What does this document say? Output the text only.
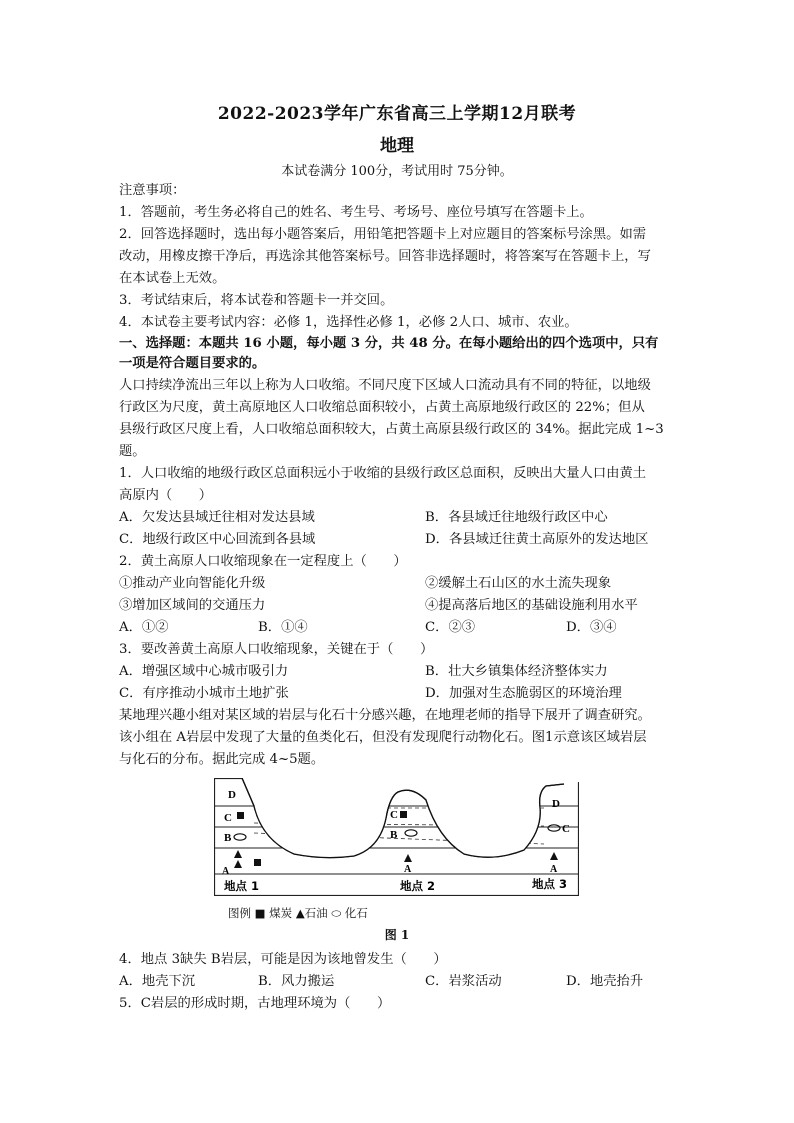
2022-2023学年广东省高三上学期12月联考
地理
本试卷满分 100分，考试用时 75分钟。
注意事项：
1．答题前，考生务必将自己的姓名、考生号、考场号、座位号填写在答题卡上。
2．回答选择题时，选出每小题答案后，用铅笔把答题卡上对应题目的答案标号涂黑。如需
改动，用橡皮擦干净后，再选涂其他答案标号。回答非选择题时，将答案写在答题卡上，写
在本试卷上无效。
3．考试结束后，将本试卷和答题卡一并交回。
4．本试卷主要考试内容：必修 1，选择性必修 1，必修 2人口、城市、农业。
一、选择题：本题共 16 小题，每小题 3 分，共 48 分。在每小题给出的四个选项中，只有
一项是符合题目要求的。
人口持续净流出三年以上称为人口收缩。不同尺度下区域人口流动具有不同的特征，以地级
行政区为尺度，黄土高原地区人口收缩总面积较小，占黄土高原地级行政区的 22%；但从
县级行政区尺度上看，人口收缩总面积较大，占黄土高原县级行政区的 34%。据此完成 1~3
题。
1．人口收缩的地级行政区总面积远小于收缩的县级行政区总面积，反映出大量人口由黄土
高原内（　　）
A．欠发达县域迁往相对发达县域	B．各县域迁往地级行政区中心
C．地级行政区中心回流到各县域	D．各县域迁往黄土高原外的发达地区
2．黄土高原人口收缩现象在一定程度上（　　）
①推动产业向智能化升级	②缓解土石山区的水土流失现象
③增加区域间的交通压力	④提高落后地区的基础设施利用水平
A．①②	B．①④	C．②③	D．③④
3．要改善黄土高原人口收缩现象，关键在于（　　）
A．增强区域中心城市吸引力	B．壮大乡镇集体经济整体实力
C．有序推动小城市土地扩张	D．加强对生态脆弱区的环境治理
某地理兴趣小组对某区域的岩层与化石十分感兴趣，在地理老师的指导下展开了调查研究。
该小组在 A岩层中发现了大量的鱼类化石，但没有发现爬行动物化石。图1示意该区域岩层
与化石的分布。据此完成 4~5题。
D
C
B
A
C
B
A
D
C
A
地点 1	地点 2	地点 3
图例 ■ 煤炭 ▲石油 ⬭ 化石
图 1
4．地点 3缺失 B岩层，可能是因为该地曾发生（　　）
A．地壳下沉	B．风力搬运	C．岩浆活动	D．地壳抬升
5．C岩层的形成时期，古地理环境为（　　）
